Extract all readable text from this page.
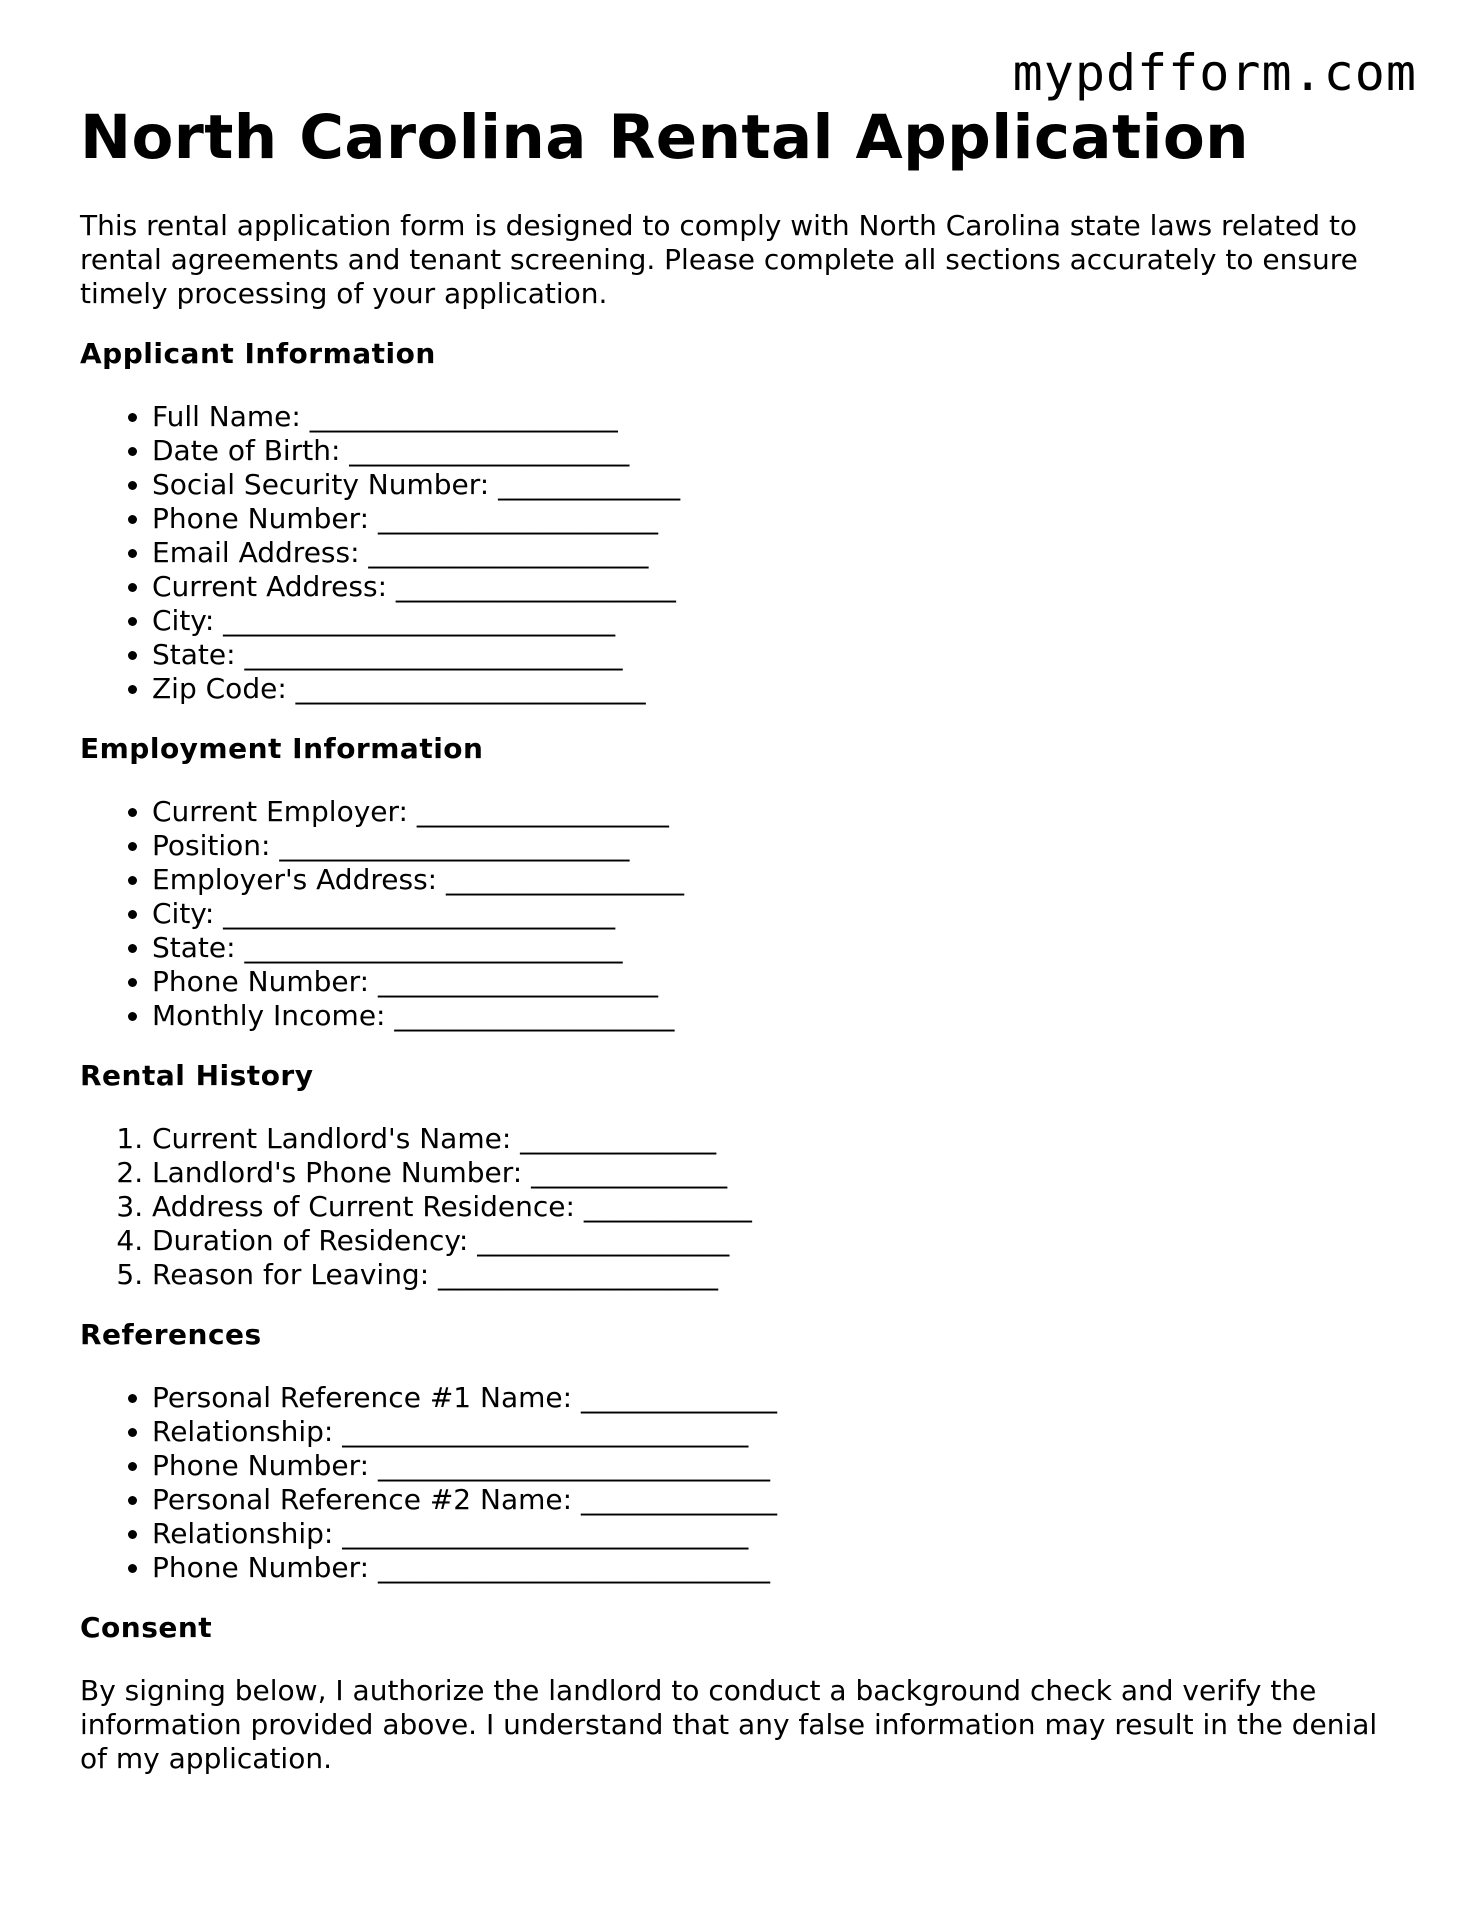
mypdfform.com
North Carolina Rental Application

This rental application form is designed to comply with North Carolina state laws related to rental agreements and tenant screening. Please complete all sections accurately to ensure timely processing of your application.

Applicant Information
• Full Name: ______________________
• Date of Birth: ____________________
• Social Security Number: _____________
• Phone Number: ____________________
• Email Address: ____________________
• Current Address: ____________________
• City: ____________________________
• State: ___________________________
• Zip Code: _________________________
Employment Information
• Current Employer: __________________
• Position: _________________________
• Employer's Address: _________________
• City: ____________________________
• State: ___________________________
• Phone Number: ____________________
• Monthly Income: ____________________
Rental History
1. Current Landlord's Name: ______________
2. Landlord's Phone Number: ______________
3. Address of Current Residence: ____________
4. Duration of Residency: __________________
5. Reason for Leaving: ____________________
References
• Personal Reference #1 Name: ______________
• Relationship: _____________________________
• Phone Number: ____________________________
• Personal Reference #2 Name: ______________
• Relationship: _____________________________
• Phone Number: ____________________________
Consent

By signing below, I authorize the landlord to conduct a background check and verify the information provided above. I understand that any false information may result in the denial of my application.
